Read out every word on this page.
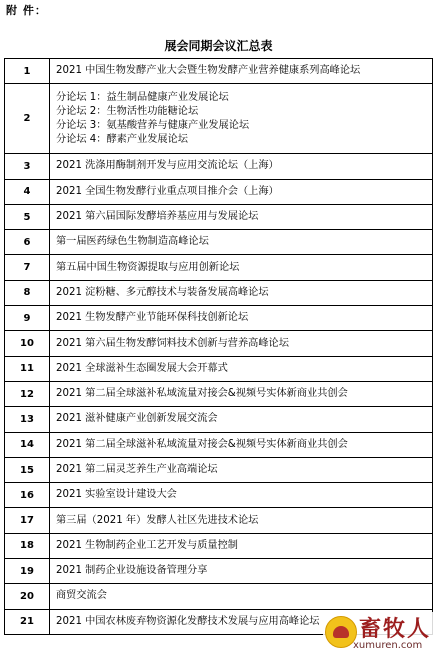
附 件：
展会同期会议汇总表
1	2021 中国生物发酵产业大会暨生物发酵产业营养健康系列高峰论坛

2	分论坛 1：益生制品健康产业发展论坛
分论坛 2：生物活性功能糖论坛
分论坛 3：氨基酸营养与健康产业发展论坛
分论坛 4：酵素产业发展论坛

3	2021 洗涤用酶制剂开发与应用交流论坛（上海）

4	2021 全国生物发酵行业重点项目推介会（上海）

5	2021 第六届国际发酵培养基应用与发展论坛

6	第一届医药绿色生物制造高峰论坛

7	第五届中国生物资源提取与应用创新论坛

8	2021 淀粉糖、多元醇技术与装备发展高峰论坛

9	2021 生物发酵产业节能环保科技创新论坛

10	2021 第六届生物发酵饲料技术创新与营养高峰论坛

11	2021 全球滋补生态圈发展大会开幕式

12	2021 第二届全球滋补私域流量对接会&视频号实体新商业共创会

13	2021 滋补健康产业创新发展交流会

14	2021 第二届全球滋补私域流量对接会&视频号实体新商业共创会

15	2021 第二届灵芝养生产业高端论坛

16	2021 实验室设计建设大会

17	第三届（2021 年）发酵人社区先进技术论坛

18	2021 生物制药企业工艺开发与质量控制

19	2021 制药企业设施设备管理分享

20	商贸交流会

21	2021 中国农林废弃物资源化发酵技术发展与应用高峰论坛	畜牧人
xumuren.com
